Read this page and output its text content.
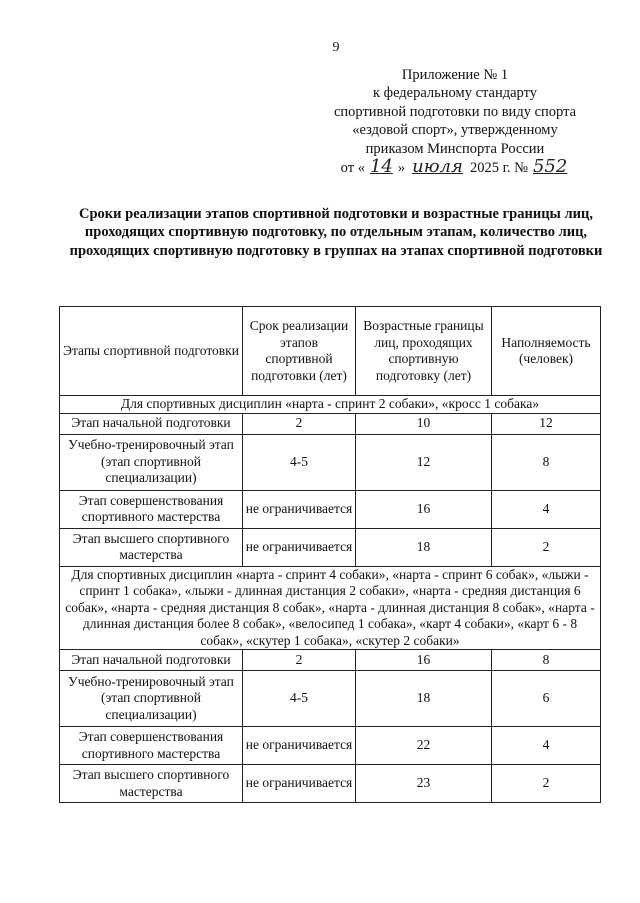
9
Приложение № 1
к федеральному стандарту
спортивной подготовки по виду спорта
«ездовой спорт», утвержденному
приказом Минспорта России
от « 14 » июля 2025 г. № 552
Сроки реализации этапов спортивной подготовки и возрастные границы лиц, проходящих спортивную подготовку, по отдельным этапам, количество лиц, проходящих спортивную подготовку в группах на этапах спортивной подготовки
Этапы спортивной подготовки	Срок реализации этапов спортивной подготовки (лет)	Возрастные границы лиц, проходящих спортивную подготовку (лет)	Наполняемость (человек)
Для спортивных дисциплин «нарта - спринт 2 собаки», «кросс 1 собака»			
Этап начальной подготовки	2	10	12
Учебно-тренировочный этап (этап спортивной специализации)	4-5	12	8
Этап совершенствования спортивного мастерства	не ограничивается	16	4
Этап высшего спортивного мастерства	не ограничивается	18	2
Для спортивных дисциплин «нарта - спринт 4 собаки», «нарта - спринт 6 собак», «лыжи - спринт 1 собака», «лыжи - длинная дистанция 2 собаки», «нарта - средняя дистанция 6 собак», «нарта - средняя дистанция 8 собак», «нарта - длинная дистанция 8 собак», «нарта - длинная дистанция более 8 собак», «велосипед 1 собака», «карт 4 собаки», «карт 6 - 8 собак», «скутер 1 собака», «скутер 2 собаки»			
Этап начальной подготовки	2	16	8
Учебно-тренировочный этап (этап спортивной специализации)	4-5	18	6
Этап совершенствования спортивного мастерства	не ограничивается	22	4
Этап высшего спортивного мастерства	не ограничивается	23	2
